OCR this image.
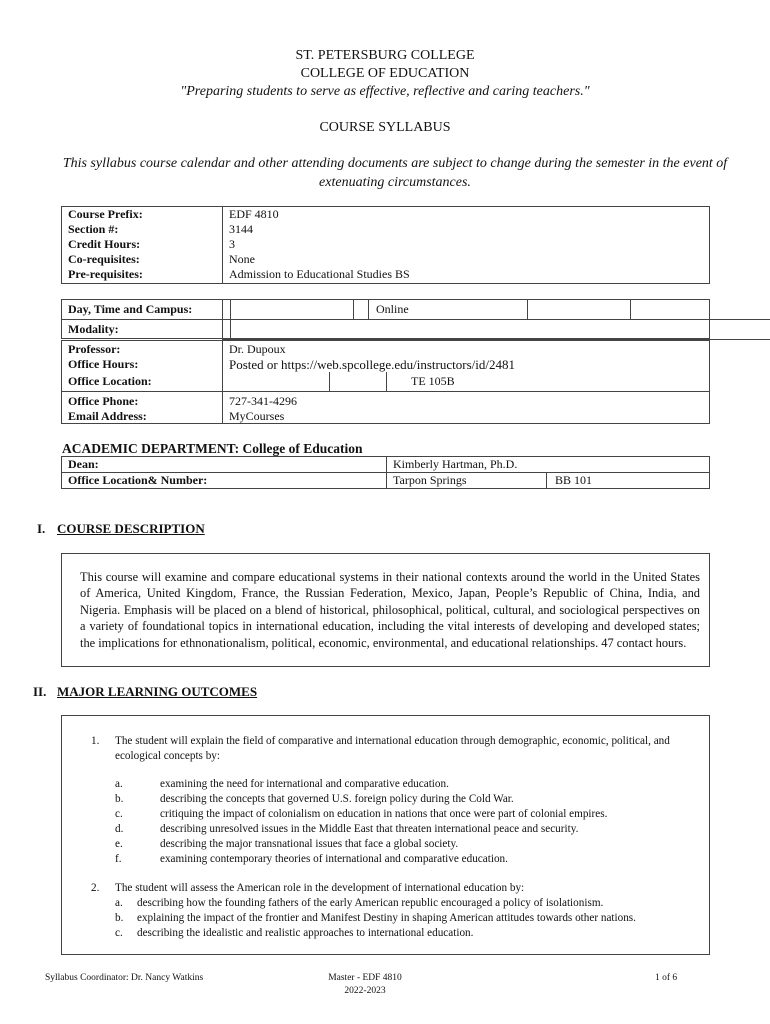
ST. PETERSBURG COLLEGE
COLLEGE OF EDUCATION
"Preparing students to serve as effective, reflective and caring teachers."
COURSE SYLLABUS
This syllabus course calendar and other attending documents are subject to change during the semester in the event of extenuating circumstances.
Course Prefix:	EDF 4810
Section #:	3144
Credit Hours:	3
Co-requisites:	None
Pre-requisites:	Admission to Educational Studies BS
Day, Time and Campus:	Online
Modality:
Professor:	Dr. Dupoux
Office Hours:	Posted or https://web.spcollege.edu/instructors/id/2481
Office Location:	TE 105B
Office Phone:	727-341-4296
Email Address:	MyCourses
ACADEMIC DEPARTMENT: College of Education
Dean:	Kimberly Hartman, Ph.D.
Office Location& Number:	Tarpon Springs	BB 101
I. COURSE DESCRIPTION
This course will examine and compare educational systems in their national contexts around the world in the United States of America, United Kingdom, France, the Russian Federation, Mexico, Japan, People’s Republic of China, India, and Nigeria. Emphasis will be placed on a blend of historical, philosophical, political, cultural, and sociological perspectives on a variety of foundational topics in international education, including the vital interests of developing and developed states; the implications for ethnonationalism, political, economic, environmental, and educational relationships. 47 contact hours.
II. MAJOR LEARNING OUTCOMES
1. The student will explain the field of comparative and international education through demographic, economic, political, and ecological concepts by:
a.	examining the need for international and comparative education.
b.	describing the concepts that governed U.S. foreign policy during the Cold War.
c.	critiquing the impact of colonialism on education in nations that once were part of colonial empires.
d.	describing unresolved issues in the Middle East that threaten international peace and security.
e.	describing the major transnational issues that face a global society.
f.	examining contemporary theories of international and comparative education.
2. The student will assess the American role in the development of international education by:
a. describing how the founding fathers of the early American republic encouraged a policy of isolationism.
b. explaining the impact of the frontier and Manifest Destiny in shaping American attitudes towards other nations.
c. describing the idealistic and realistic approaches to international education.
Syllabus Coordinator: Dr. Nancy Watkins	Master - EDF 4810
2022-2023
1 of 6
